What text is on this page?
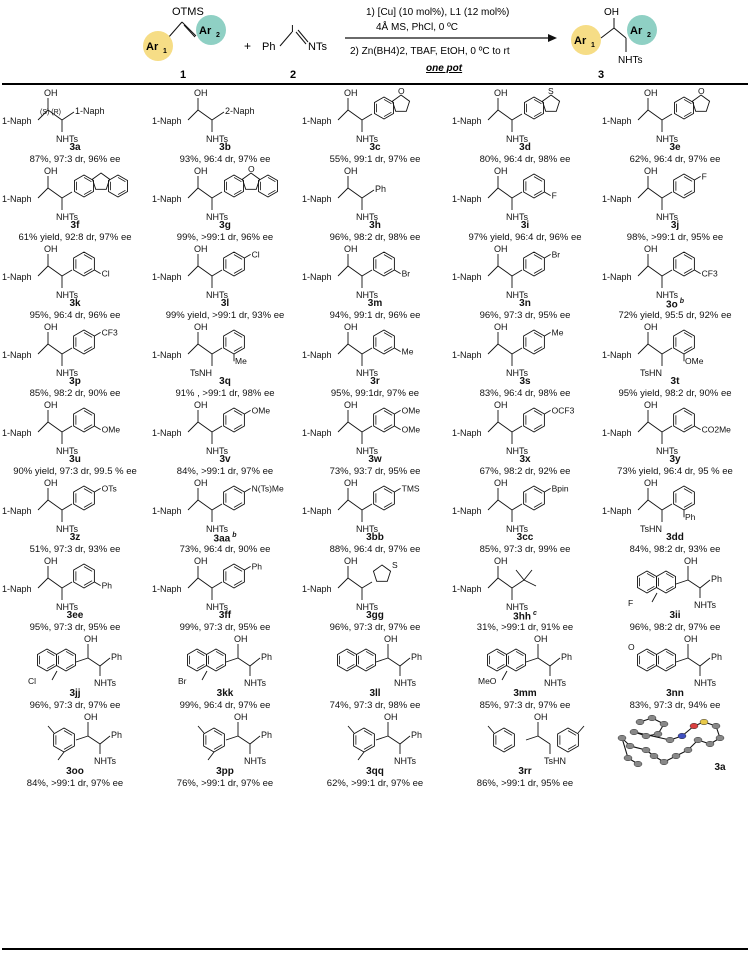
OTMS
Ar 1
Ar 2
1
+ Ph
I
NTs
2
1) [Cu] (10 mol%), L1 (12 mol%)
4Å MS, PhCl, 0 ºC
2) Zn(BH4)2, TBAF, EtOH, 0 ºC to rt
one pot
Ar 1
OH
Ar 2
NHTs
3
OH
1-Naph
NHTs
1-Naph
(S) (R)
3a
87%, 97:3 dr, 96% ee
OH
1-Naph
NHTs
2-Naph
3b
93%, 96:4 dr, 97% ee
OH
1-Naph
NHTs
O
3c
55%, 99:1 dr, 97% ee
OH
1-Naph
NHTs
S
3d
80%, 96:4 dr, 98% ee
OH
1-Naph
NHTs
O
3e
62%, 96:4 dr, 97% ee
OH
1-Naph
NHTs
3f
61% yield, 92:8 dr, 97% ee
OH
1-Naph
NHTs
O
3g
99%, >99:1 dr, 96% ee
OH
1-Naph
NHTs
Ph
3h
96%, 98:2 dr, 98% ee
OH
1-Naph
NHTs
F
3i
97% yield, 96:4 dr, 96% ee
OH
1-Naph
NHTs
F
3j
98%, >99:1 dr, 95% ee
OH
1-Naph
NHTs
Cl
3k
95%, 96:4 dr, 96% ee
OH
1-Naph
NHTs
Cl
3l
99% yield, >99:1 dr, 93% ee
OH
1-Naph
NHTs
Br
3m
94%, 99:1 dr, 96% ee
OH
1-Naph
NHTs
Br
3n
96%, 97:3 dr, 95% ee
OH
1-Naph
NHTs
CF3
3o $^b$
72% yield, 95:5 dr, 92% ee
OH
1-Naph
NHTs
CF3
3p
85%, 98:2 dr, 90% ee
OH
1-Naph
TsNH
Me
3q
91% , >99:1 dr, 98% ee
OH
1-Naph
NHTs
Me
3r
95%, 99:1dr, 97% ee
OH
1-Naph
NHTs
Me
3s
83%, 96:4 dr, 98% ee
OH
1-Naph
TsHN
OMe
3t
95% yield, 98:2 dr, 90% ee
OH
1-Naph
NHTs
OMe
3u
90% yield, 97:3 dr, 99.5 % ee
OH
1-Naph
NHTs
OMe
3v
84%, >99:1 dr, 97% ee
OH
1-Naph
NHTs
OMe
OMe
3w
73%, 93:7 dr, 95% ee
OH
1-Naph
NHTs
OCF3
3x
67%, 98:2 dr, 92% ee
OH
1-Naph
NHTs
CO2Me
3y
73% yield, 96:4 dr, 95 % ee
OH
1-Naph
NHTs
OTs
3z
51%, 97:3 dr, 93% ee
OH
1-Naph
NHTs
N(Ts)Me
3aa $^b$
73%, 96:4 dr, 90% ee
OH
1-Naph
NHTs
TMS
3bb
88%, 96:4 dr, 97% ee
OH
1-Naph
NHTs
Bpin
3cc
85%, 97:3 dr, 99% ee
OH
1-Naph
TsHN
Ph
3dd
84%, 98:2 dr, 93% ee
OH
1-Naph
NHTs
Ph
3ee
95%, 97:3 dr, 95% ee
OH
1-Naph
NHTs
Ph
3ff
99%, 97:3 dr, 95% ee
OH
1-Naph
NHTs
S
3gg
96%, 97:3 dr, 97% ee
OH
1-Naph
NHTs
3hh $^c$
31%, >99:1 dr, 91% ee
F
OH
NHTs
Ph
3ii
96%, 98:2 dr, 97% ee
Cl
OH
NHTs
Ph
3jj
96%, 97:3 dr, 97% ee
Br
OH
NHTs
Ph
3kk
99%, 96:4 dr, 97% ee
OH
NHTs
Ph
3ll
74%, 97:3 dr, 98% ee
MeO
OH
NHTs
Ph
3mm
85%, 97:3 dr, 97% ee
O
OH
NHTs
Ph
3nn
83%, 97:3 dr, 94% ee
OH
NHTs
Ph
3oo
84%, >99:1 dr, 97% ee
OH
NHTs
Ph
3pp
76%, >99:1 dr, 97% ee
OH
NHTs
Ph
3qq
62%, >99:1 dr, 97% ee
OH
TsHN
3rr
86%, >99:1 dr, 95% ee
3a
